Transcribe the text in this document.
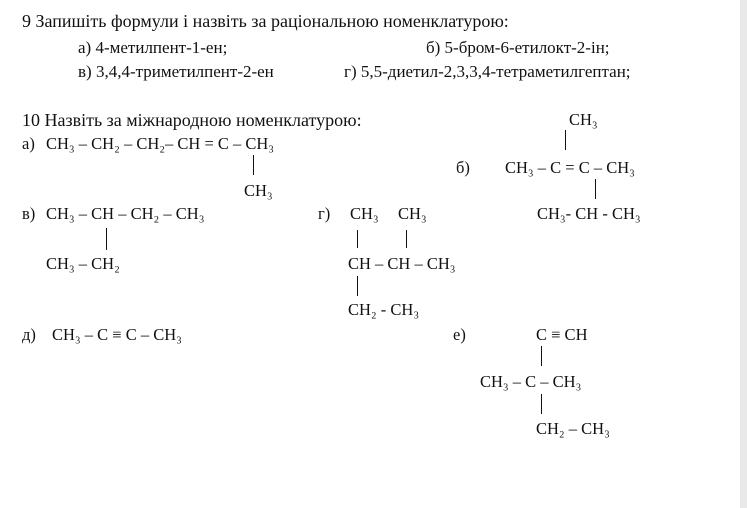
9 Запишіть формули і назвіть за раціональною номенклатурою:
а) 4-метилпент-1-ен;	б) 5-бром-6-етилокт-2-ін;
в) 3,4,4-триметилпент-2-ен	г) 5,5-диетил-2,3,3,4-тетраметилгептан;
10 Назвіть за міжнародною номенклатурою:
а) CH₃ – CH₂ – CH₂– CH = C – CH₃
CH₃
CH₃
б) CH₃ – C = C – CH₃
CH₃- CH - CH₃
в) CH₃ – CH – CH₂ – CH₃
CH₃ – CH₂
г) CH₃ CH₃
CH – CH – CH₃
CH₂ - CH₃
д) CH₃ – C ≡ C – CH₃	е)	C ≡ CH
CH₃ – C – CH₃
CH₂ – CH₃
